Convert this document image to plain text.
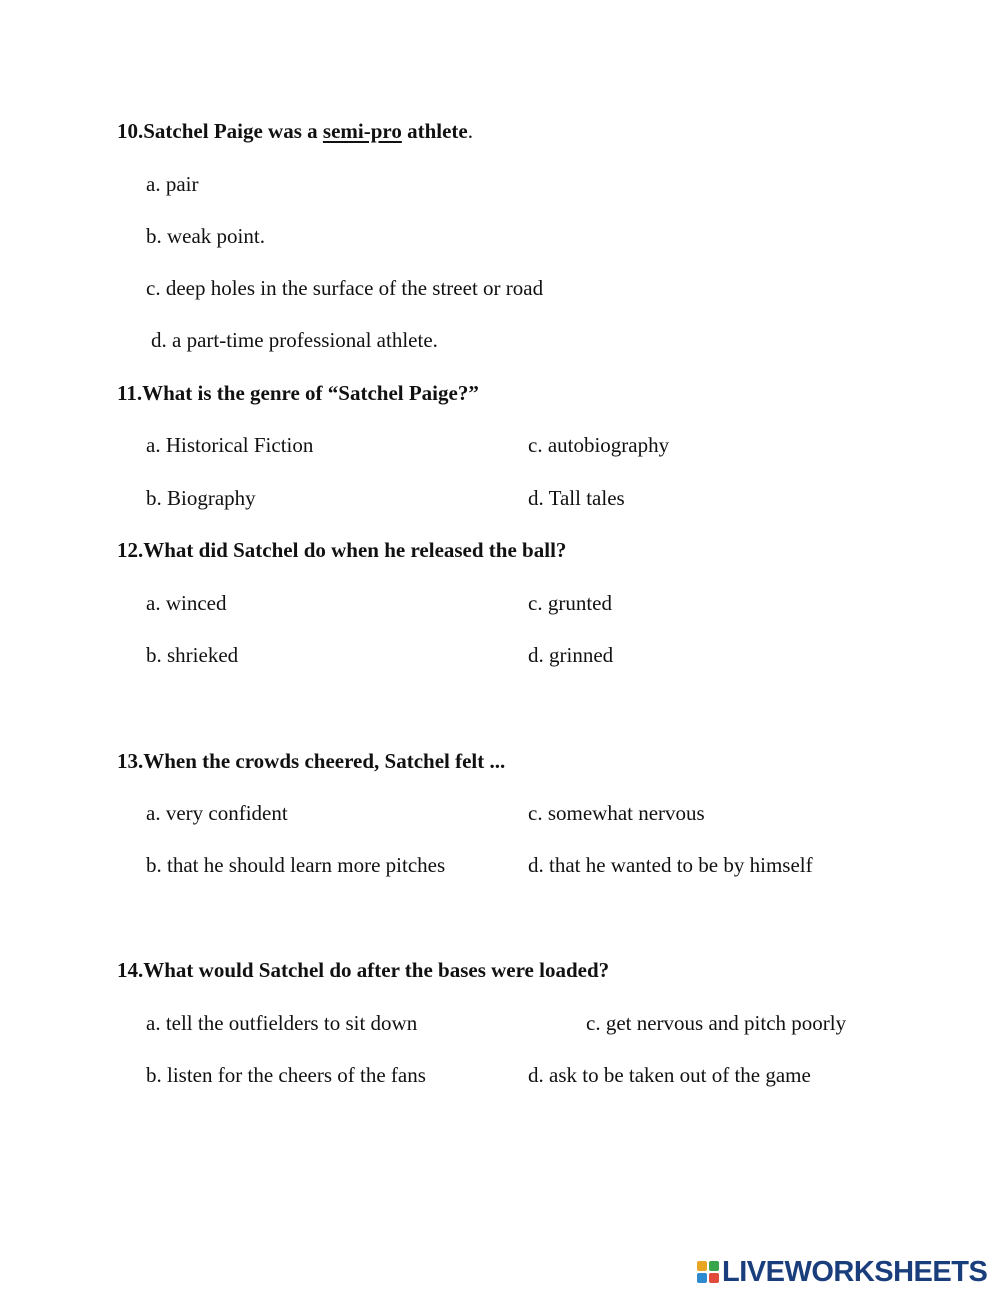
10.Satchel Paige was a semi-pro athlete.
a. pair
b. weak point.
c. deep holes in the surface of the street or road
d. a part-time professional athlete.
11.What is the genre of “Satchel Paige?”
a. Historical Fiction	c. autobiography
b. Biography	d. Tall tales
12.What did Satchel do when he released the ball?
a. winced	c. grunted
b. shrieked	d. grinned
13.When the crowds cheered, Satchel felt ...
a. very confident	c. somewhat nervous
b. that he should learn more pitches	d. that he wanted to be by himself
14.What would Satchel do after the bases were loaded?
a. tell the outfielders to sit down	c. get nervous and pitch poorly
b. listen for the cheers of the fans	d. ask to be taken out of the game
LIVEWORKSHEETS
